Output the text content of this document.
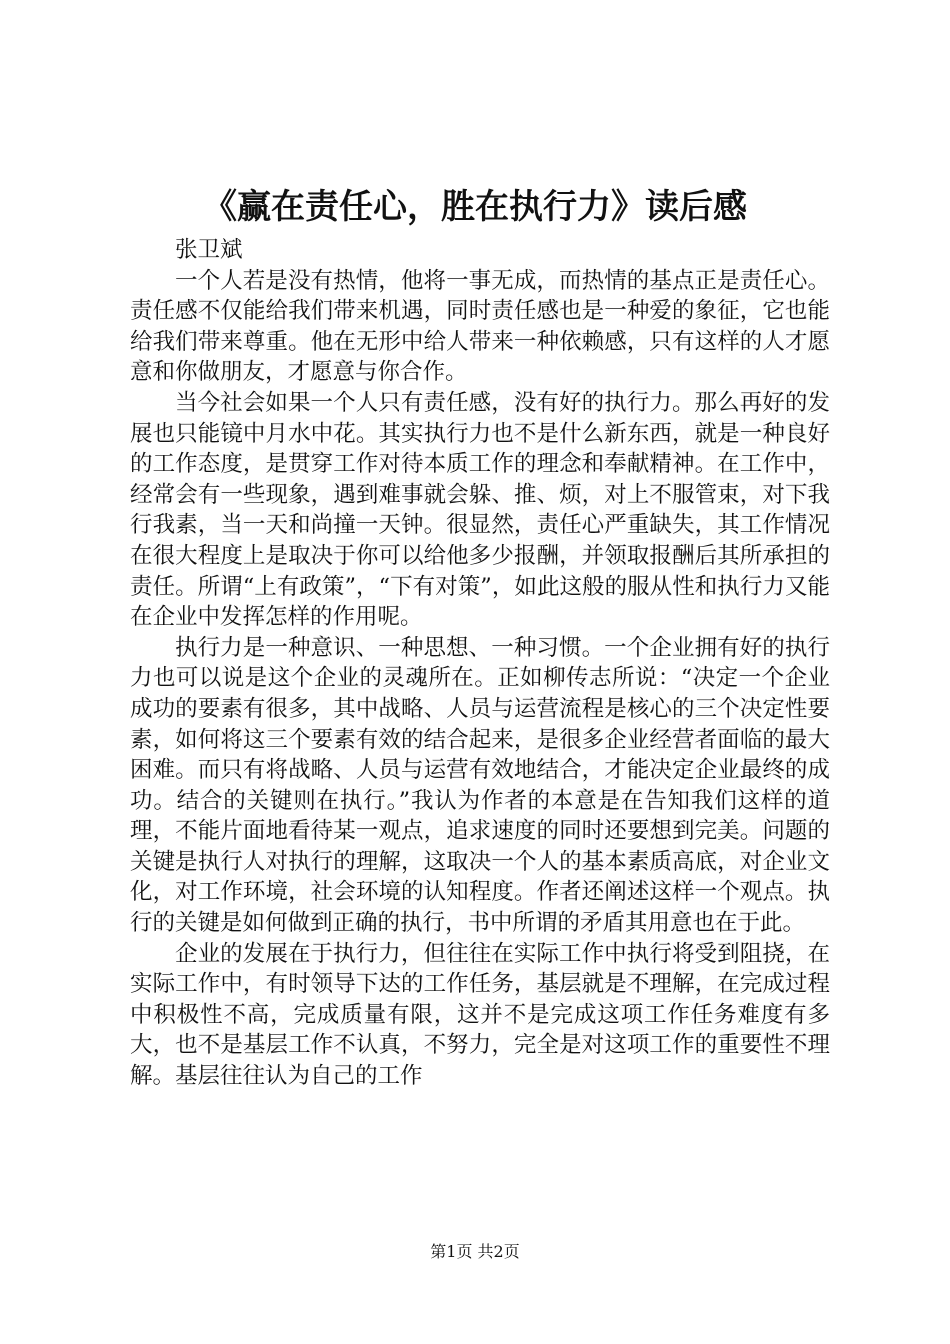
《赢在责任心，胜在执行力》读后感

张卫斌

一个人若是没有热情，他将一事无成，而热情的基点正是责任心。责任感不仅能给我们带来机遇，同时责任感也是一种爱的象征，它也能给我们带来尊重。他在无形中给人带来一种依赖感，只有这样的人才愿意和你做朋友，才愿意与你合作。

当今社会如果一个人只有责任感，没有好的执行力。那么再好的发展也只能镜中月水中花。其实执行力也不是什么新东西，就是一种良好的工作态度，是贯穿工作对待本质工作的理念和奉献精神。在工作中，经常会有一些现象，遇到难事就会躲、推、烦，对上不服管束，对下我行我素，当一天和尚撞一天钟。很显然，责任心严重缺失，其工作情况在很大程度上是取决于你可以给他多少报酬，并领取报酬后其所承担的责任。所谓“上有政策”，“下有对策”，如此这般的服从性和执行力又能在企业中发挥怎样的作用呢。

执行力是一种意识、一种思想、一种习惯。一个企业拥有好的执行力也可以说是这个企业的灵魂所在。正如柳传志所说：“决定一个企业成功的要素有很多，其中战略、人员与运营流程是核心的三个决定性要素，如何将这三个要素有效的结合起来，是很多企业经营者面临的最大困难。而只有将战略、人员与运营有效地结合，才能决定企业最终的成功。结合的关键则在执行。”我认为作者的本意是在告知我们这样的道理，不能片面地看待某一观点，追求速度的同时还要想到完美。问题的关键是执行人对执行的理解，这取决一个人的基本素质高底，对企业文化，对工作环境，社会环境的认知程度。作者还阐述这样一个观点。执行的关键是如何做到正确的执行，书中所谓的矛盾其用意也在于此。

企业的发展在于执行力，但往往在实际工作中执行将受到阻挠，在实际工作中，有时领导下达的工作任务，基层就是不理解，在完成过程中积极性不高，完成质量有限，这并不是完成这项工作任务难度有多大，也不是基层工作不认真，不努力，完全是对这项工作的重要性不理解。基层往往认为自己的工作

第1页 共2页
